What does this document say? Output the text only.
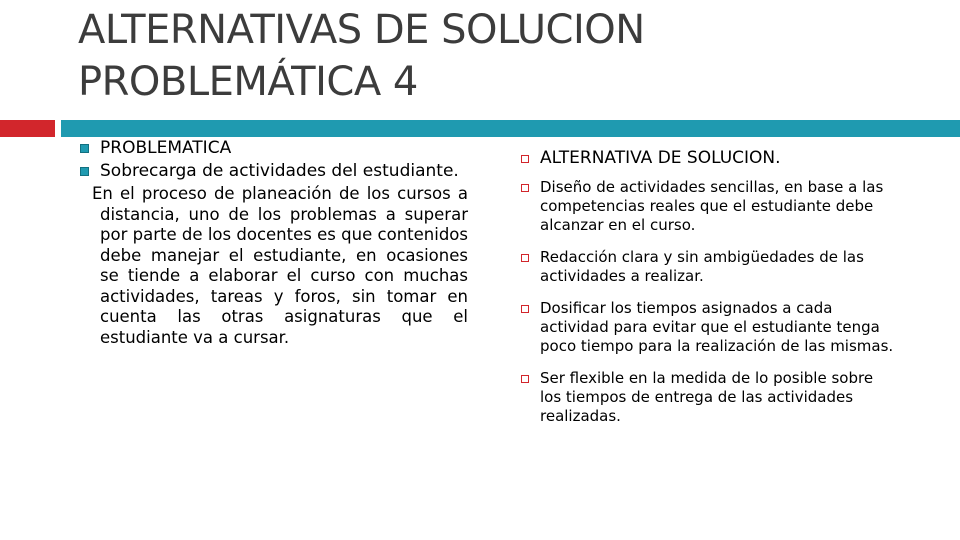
ALTERNATIVAS DE SOLUCION
PROBLEMÁTICA 4
PROBLEMATICA
Sobrecarga de actividades del estudiante.
En el proceso de planeación de los cursos a distancia, uno de los problemas a superar por parte de los docentes es que contenidos debe manejar el estudiante, en ocasiones se tiende a elaborar el curso con muchas actividades, tareas y foros, sin tomar en cuenta las otras asignaturas que el estudiante va a cursar.
ALTERNATIVA DE SOLUCION.
Diseño de actividades sencillas, en base a las competencias reales que el estudiante debe alcanzar en el curso.
Redacción clara y sin ambigüedades de las actividades a realizar.
Dosificar los tiempos asignados a cada actividad para evitar que el estudiante tenga poco tiempo para la realización de las mismas.
Ser flexible en la medida de lo posible sobre los tiempos de entrega de las actividades realizadas.
